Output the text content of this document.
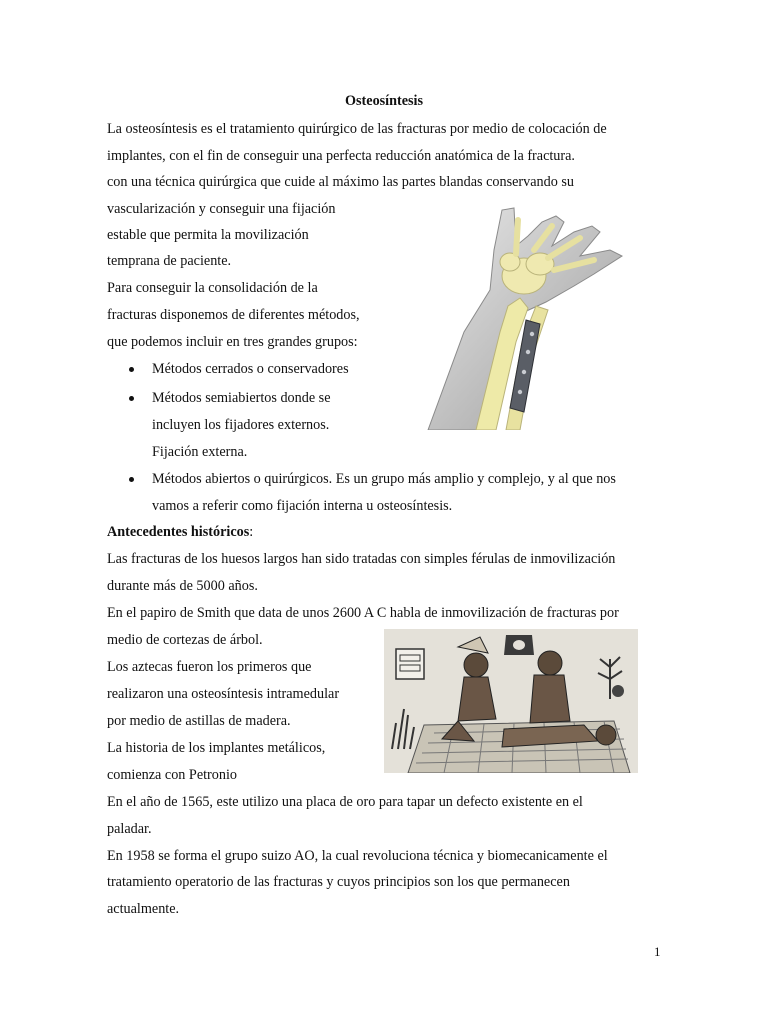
Osteosíntesis
La osteosíntesis es el tratamiento quirúrgico de las fracturas por medio de colocación de
implantes, con el fin de conseguir una perfecta reducción anatómica de la fractura.
con una técnica quirúrgica que cuide al máximo las partes blandas conservando su
vascularización y conseguir una fijación
estable que permita la movilización
temprana de paciente.
Para conseguir la consolidación de la
fracturas disponemos de diferentes métodos,
que podemos incluir en tres grandes grupos:
Métodos cerrados o conservadores
Métodos semiabiertos donde se
incluyen los fijadores externos.
Fijación externa.
Métodos abiertos o quirúrgicos. Es un grupo más amplio y complejo, y al que nos
vamos a referir como fijación interna u osteosíntesis.
Antecedentes históricos:
Las fracturas de los huesos largos han sido tratadas con simples férulas de inmovilización
durante más de 5000 años.
En el papiro de Smith que data de unos 2600 A C habla de inmovilización de fracturas por
medio de cortezas de árbol.
Los aztecas fueron los primeros que
realizaron una osteosíntesis intramedular
por medio de astillas de madera.
La historia de los implantes metálicos,
comienza con Petronio
En el año de 1565, este utilizo una placa de oro para tapar un defecto existente en el
paladar.
En 1958 se forma el grupo suizo AO, la cual revoluciona técnica y biomecanicamente el
tratamiento operatorio de las fracturas y cuyos principios son los que permanecen
actualmente.
1
